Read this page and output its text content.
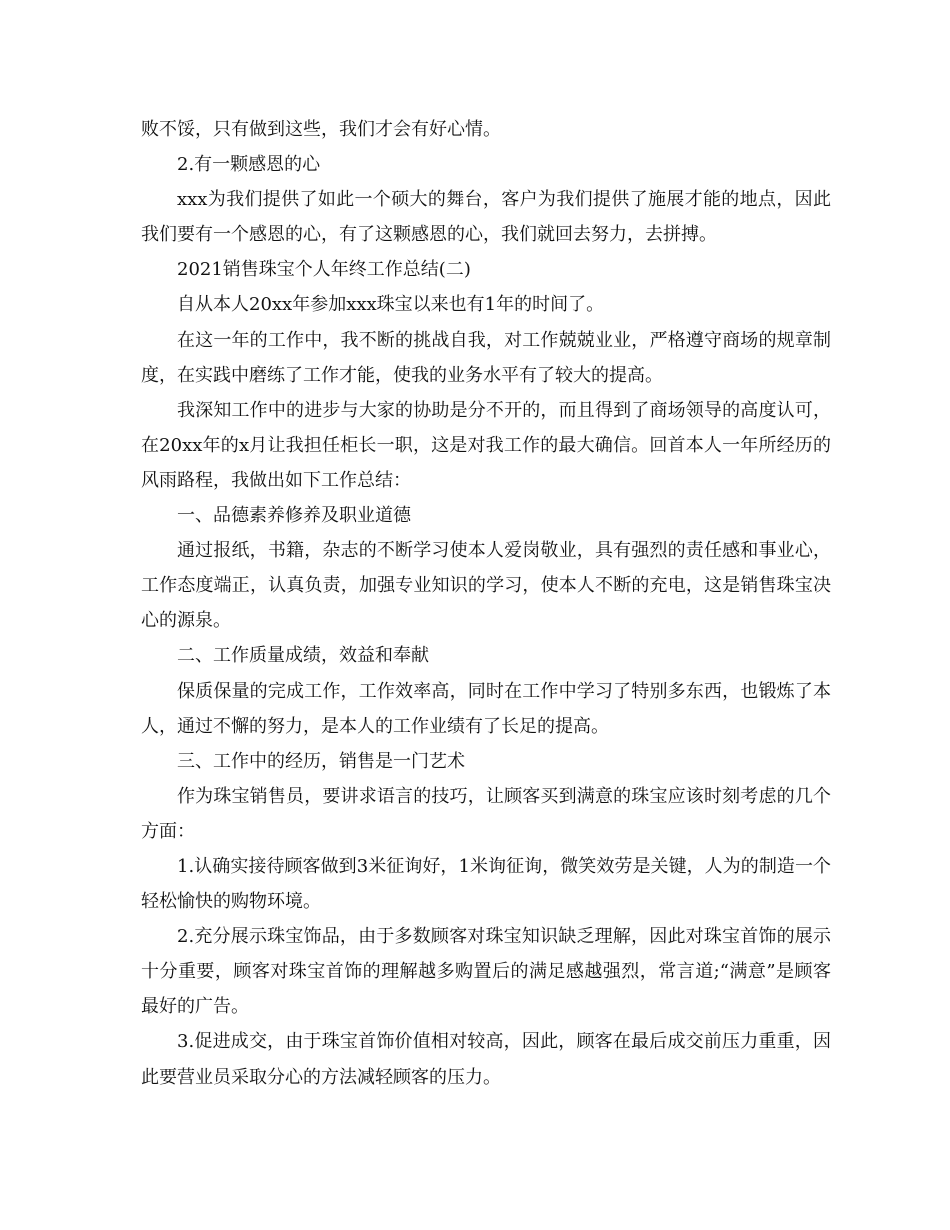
败不馁，只有做到这些，我们才会有好心情。

2.有一颗感恩的心

xxx为我们提供了如此一个硕大的舞台，客户为我们提供了施展才能的地点，因此我们要有一个感恩的心，有了这颗感恩的心，我们就回去努力，去拼搏。

2021销售珠宝个人年终工作总结(二)

自从本人20xx年参加xxx珠宝以来也有1年的时间了。

在这一年的工作中，我不断的挑战自我，对工作兢兢业业，严格遵守商场的规章制度，在实践中磨练了工作才能，使我的业务水平有了较大的提高。

我深知工作中的进步与大家的协助是分不开的，而且得到了商场领导的高度认可，在20xx年的x月让我担任柜长一职，这是对我工作的最大确信。回首本人一年所经历的风雨路程，我做出如下工作总结：

一、品德素养修养及职业道德

通过报纸，书籍，杂志的不断学习使本人爱岗敬业，具有强烈的责任感和事业心，工作态度端正，认真负责，加强专业知识的学习，使本人不断的充电，这是销售珠宝决心的源泉。

二、工作质量成绩，效益和奉献

保质保量的完成工作，工作效率高，同时在工作中学习了特别多东西，也锻炼了本人，通过不懈的努力，是本人的工作业绩有了长足的提高。

三、工作中的经历，销售是一门艺术

作为珠宝销售员，要讲求语言的技巧，让顾客买到满意的珠宝应该时刻考虑的几个方面：

1.认确实接待顾客做到3米征询好，1米询征询，微笑效劳是关键，人为的制造一个轻松愉快的购物环境。

2.充分展示珠宝饰品，由于多数顾客对珠宝知识缺乏理解，因此对珠宝首饰的展示十分重要，顾客对珠宝首饰的理解越多购置后的满足感越强烈，常言道;“满意”是顾客最好的广告。

3.促进成交，由于珠宝首饰价值相对较高，因此，顾客在最后成交前压力重重，因此要营业员采取分心的方法减轻顾客的压力。
